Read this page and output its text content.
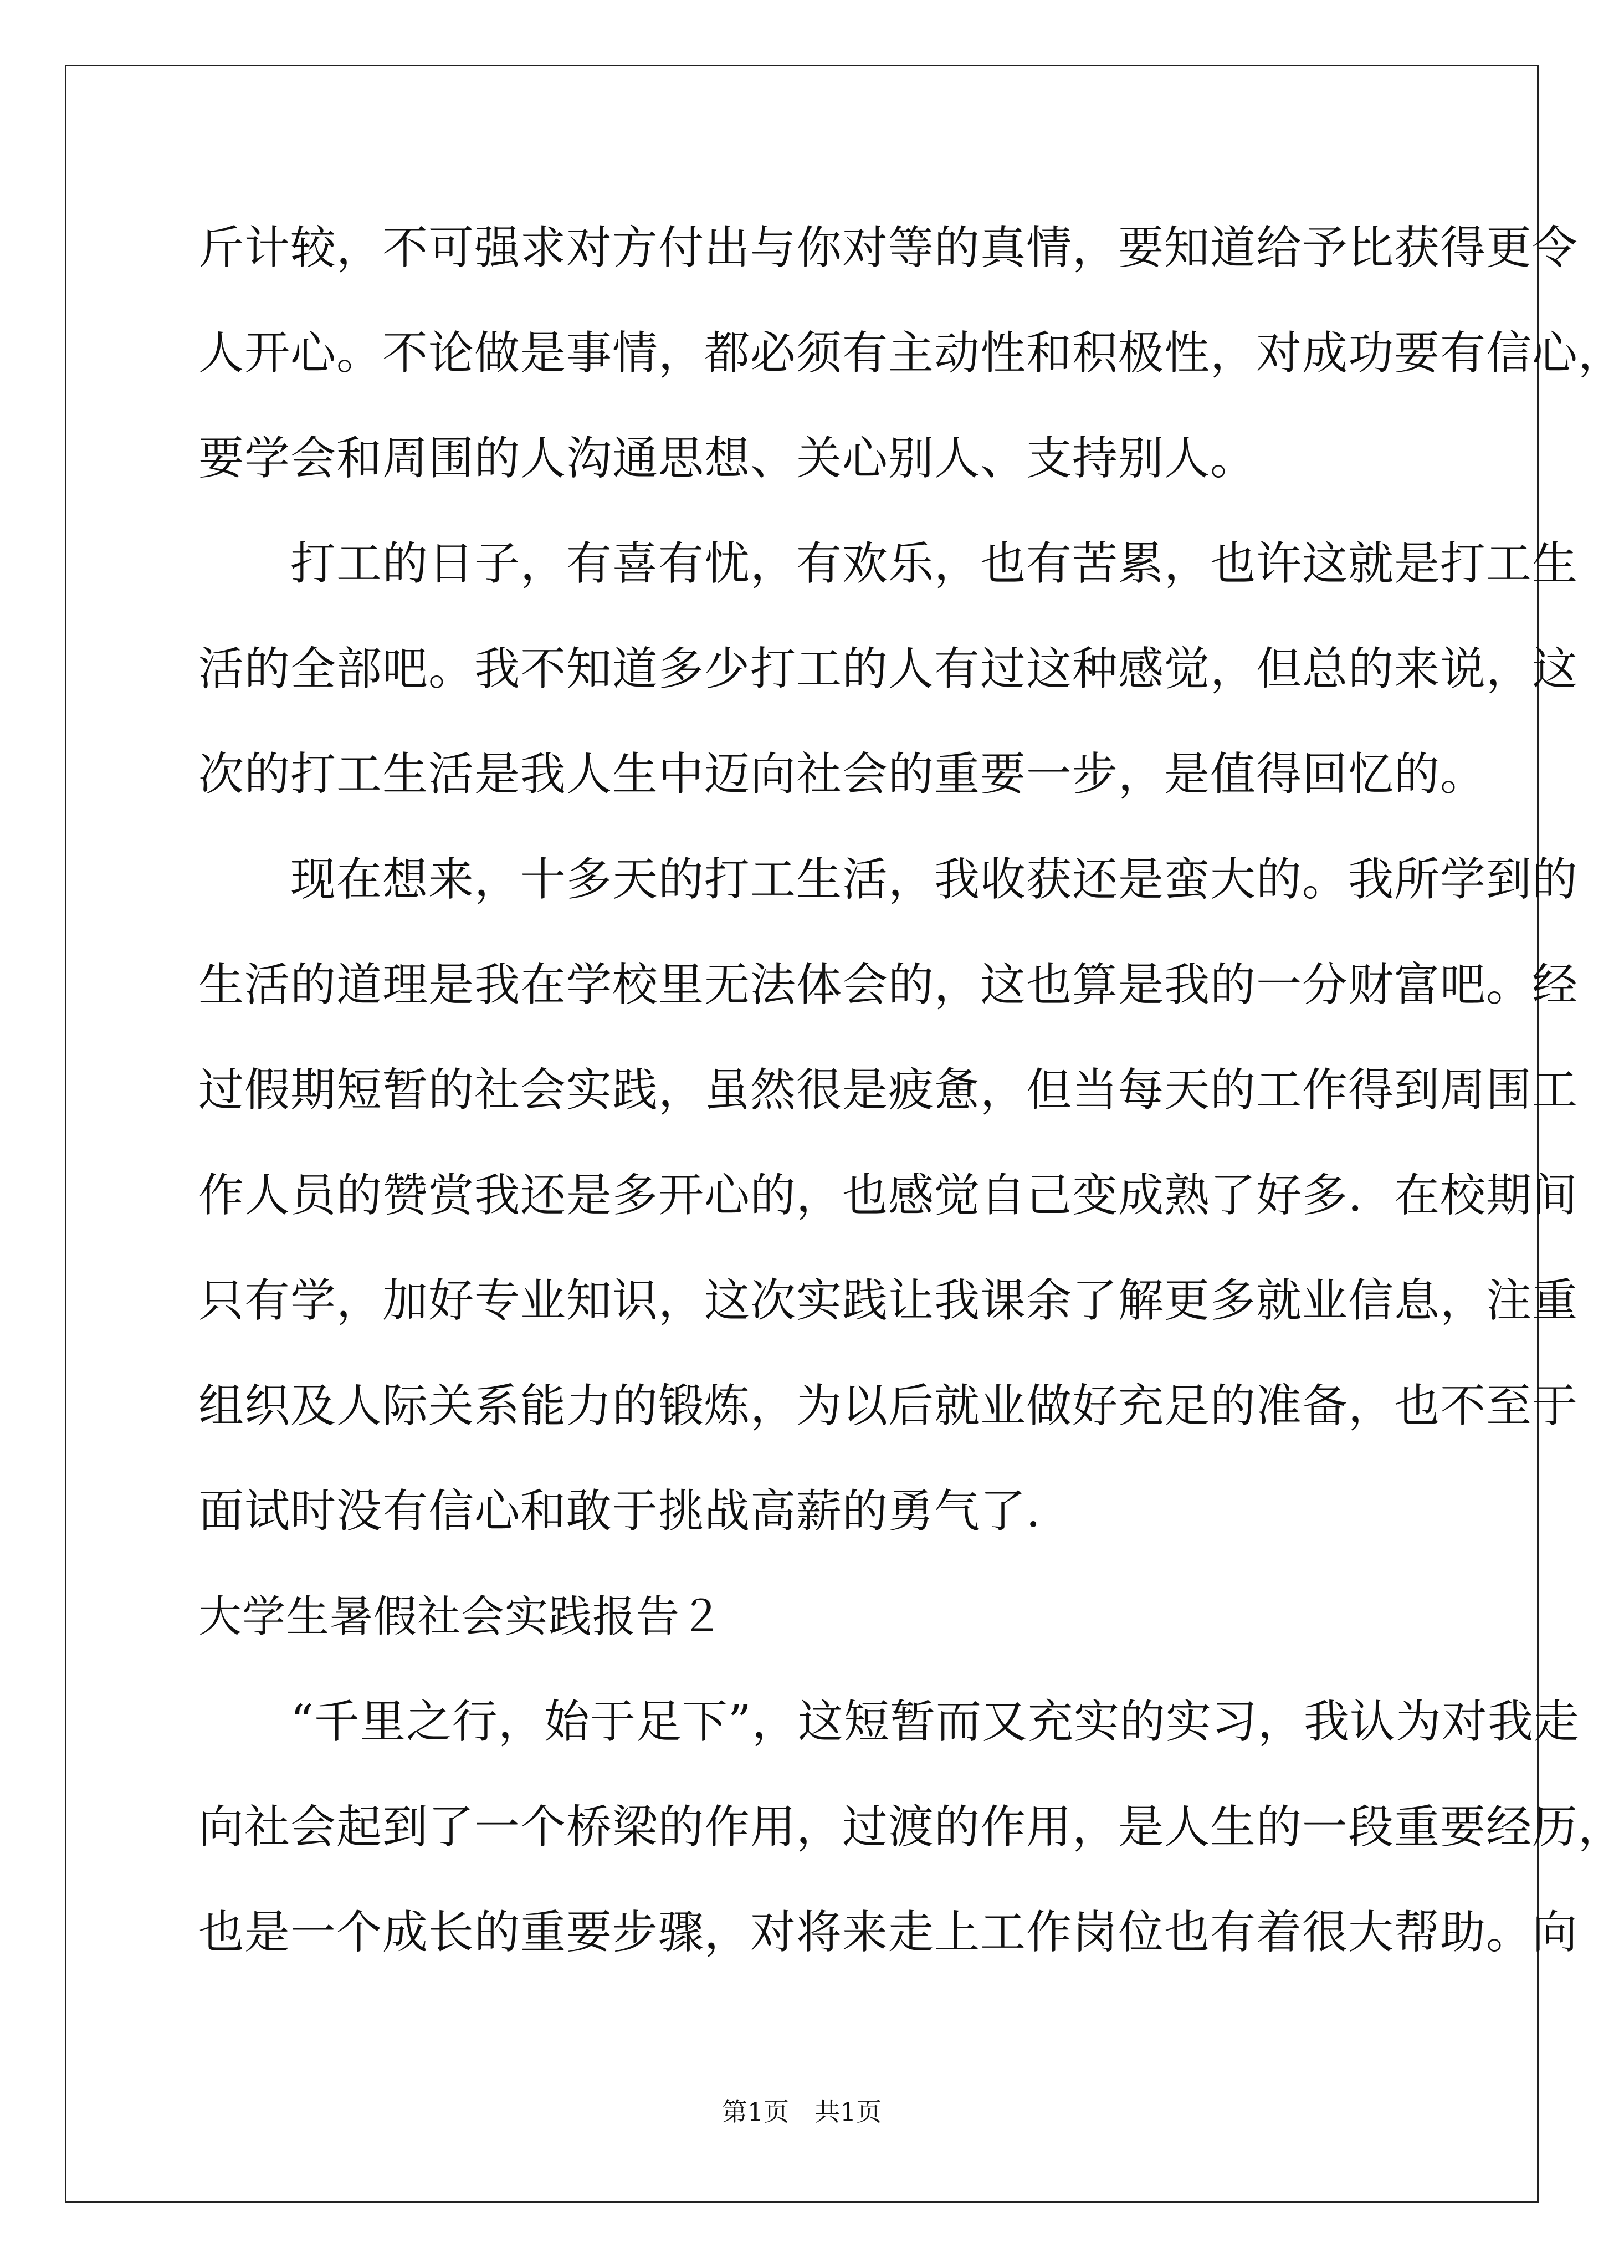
斤计较，不可强求对方付出与你对等的真情，要知道给予比获得更令
人开心。不论做是事情，都必须有主动性和积极性，对成功要有信心，
要学会和周围的人沟通思想、关心别人、支持别人。
　　打工的日子，有喜有忧，有欢乐，也有苦累，也许这就是打工生
活的全部吧。我不知道多少打工的人有过这种感觉，但总的来说，这
次的打工生活是我人生中迈向社会的重要一步，是值得回忆的。
　　现在想来，十多天的打工生活，我收获还是蛮大的。我所学到的
生活的道理是我在学校里无法体会的，这也算是我的一分财富吧。经
过假期短暂的社会实践，虽然很是疲惫，但当每天的工作得到周围工
作人员的赞赏我还是多开心的，也感觉自己变成熟了好多．在校期间
只有学，加好专业知识，这次实践让我课余了解更多就业信息，注重
组织及人际关系能力的锻炼，为以后就业做好充足的准备，也不至于
面试时没有信心和敢于挑战高薪的勇气了．
大学生暑假社会实践报告２
　　“千里之行，始于足下”，这短暂而又充实的实习，我认为对我走
向社会起到了一个桥梁的作用，过渡的作用，是人生的一段重要经历，
也是一个成长的重要步骤，对将来走上工作岗位也有着很大帮助。向
第1页　共1页
